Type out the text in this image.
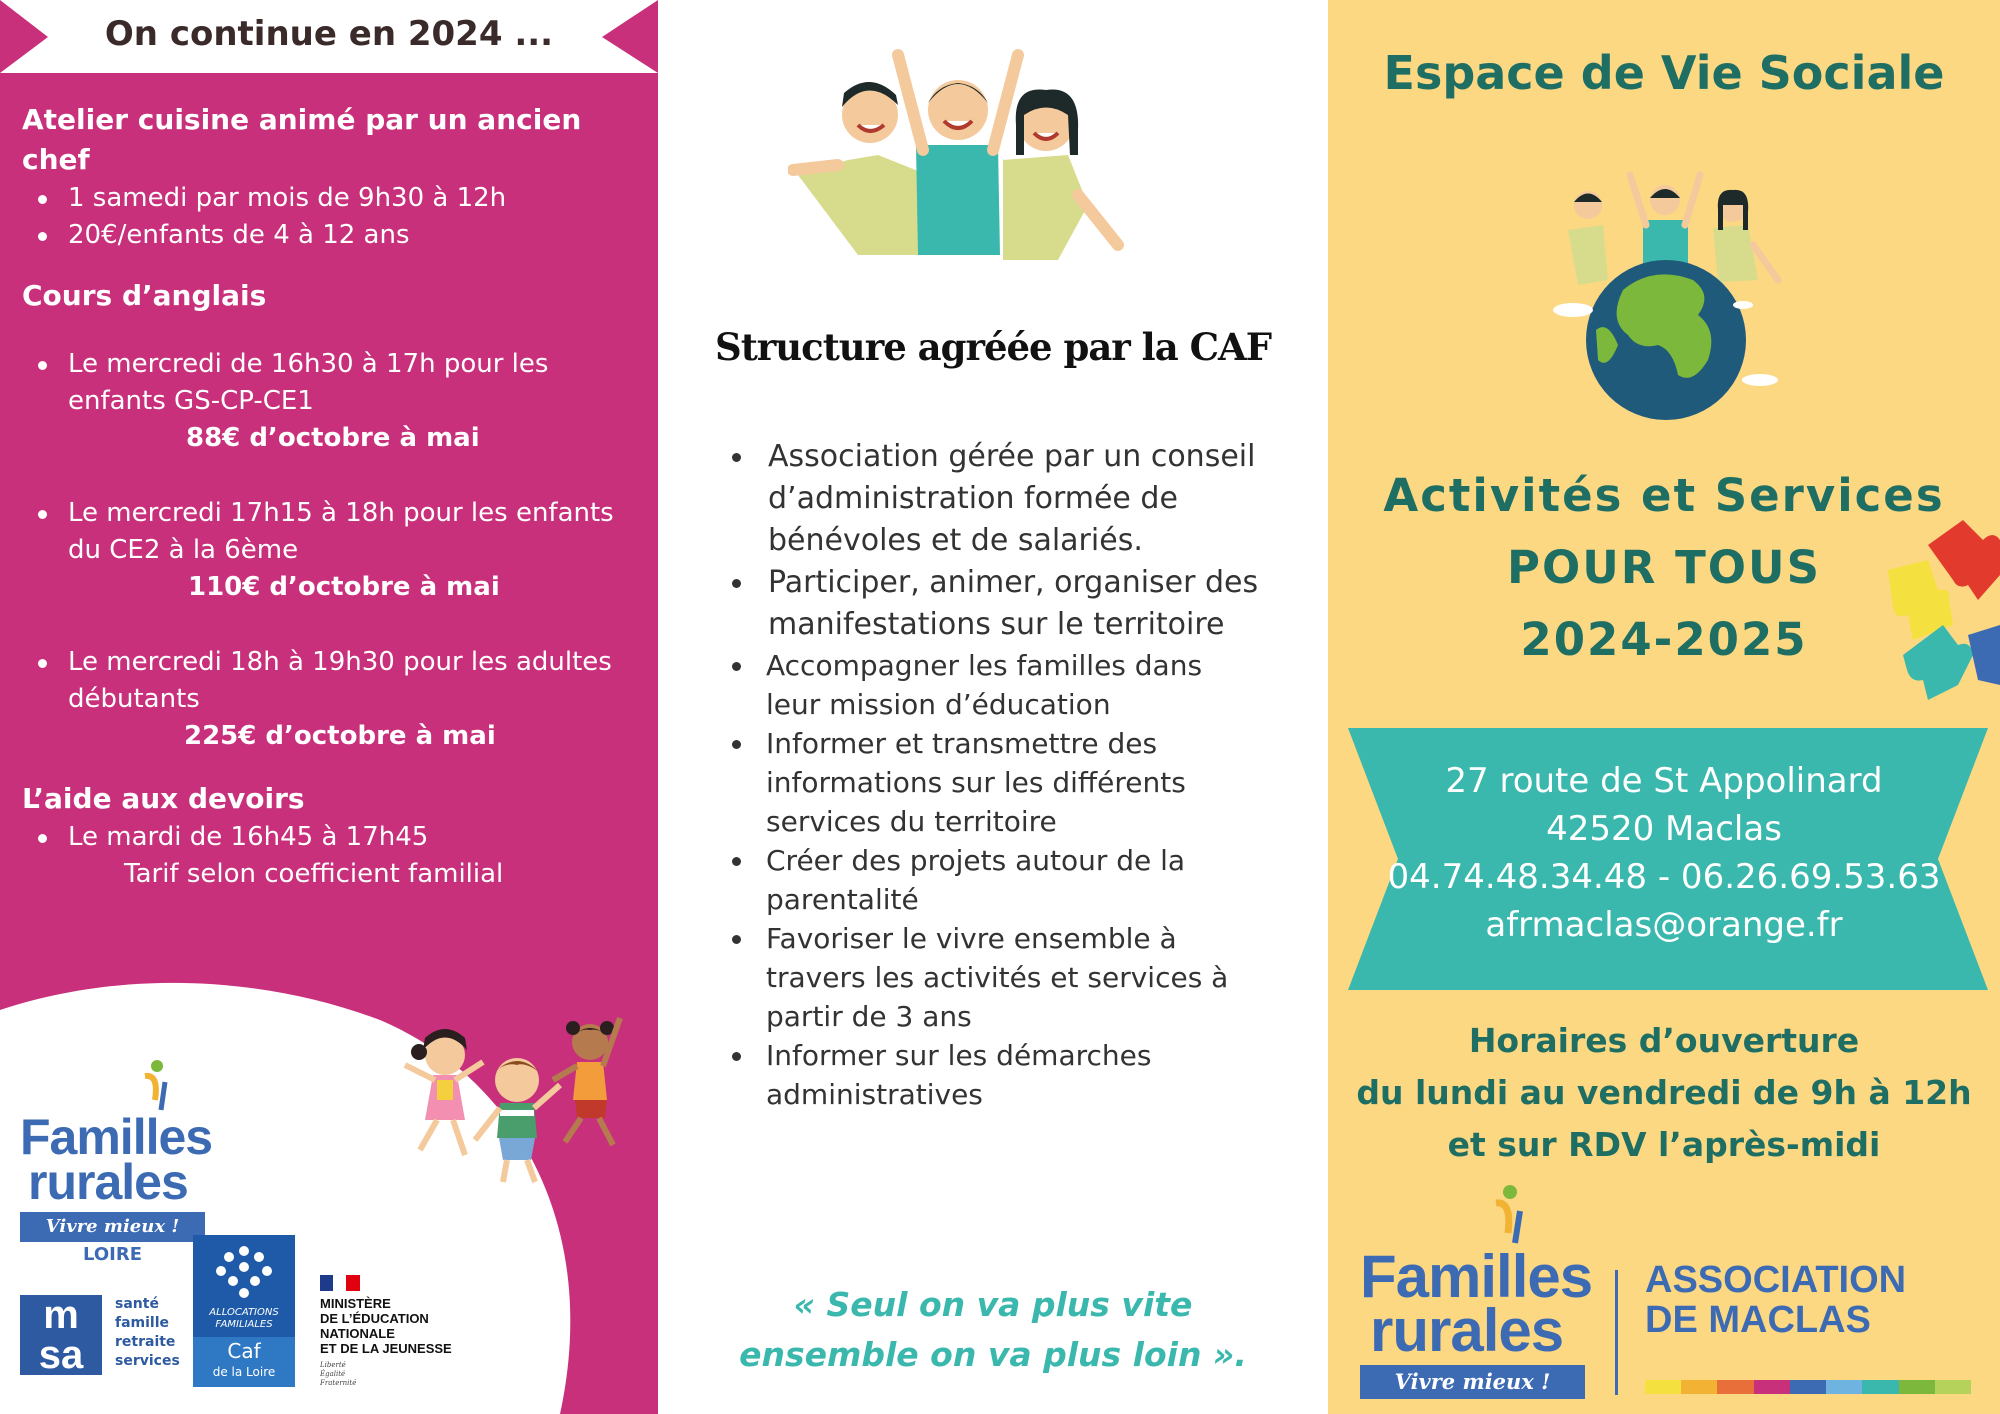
On continue en 2024 ...
Atelier cuisine animé par un ancien
chef
1 samedi par mois de 9h30 à 12h
20€/enfants de 4 à 12 ans
Cours d’anglais
Le mercredi de 16h30 à 17h pour les
enfants GS-CP-CE1
88€ d’octobre à mai
Le mercredi 17h15 à 18h pour les enfants
du CE2 à la 6ème
110€ d’octobre à mai
Le mercredi 18h à 19h30 pour les adultes
débutants
225€ d’octobre à mai
L’aide aux devoirs
Le mardi de 16h45 à 17h45
Tarif selon coefficient familial
Familles
rurales
Vivre mieux !
LOIRE
m
sa
santé
famille
retraite
services
ALLOCATIONS FAMILIALES
Caf
de la Loire
MINISTÈRE
DE L’ÉDUCATION
NATIONALE
ET DE LA JEUNESSE
Liberté
Égalité
Fraternité
Structure agréée par la CAF
Association gérée par un conseil d’administration formée de bénévoles et de salariés.
Participer, animer, organiser des manifestations sur le territoire
Accompagner les familles dans leur mission d’éducation
Informer et transmettre des informations sur les différents services du territoire
Créer des projets autour de la parentalité
Favoriser le vivre ensemble à travers les activités et services à partir de 3 ans
Informer sur les démarches administratives
« Seul on va plus vite
ensemble on va plus loin ».
Espace de Vie Sociale
Activités et Services
POUR TOUS
2024-2025
27 route de St Appolinard
42520 Maclas
04.74.48.34.48 - 06.26.69.53.63
afrmaclas@orange.fr
Horaires d’ouverture
du lundi au vendredi de 9h à 12h
et sur RDV l’après-midi
Familles
rurales
Vivre mieux !
ASSOCIATION
DE MACLAS
